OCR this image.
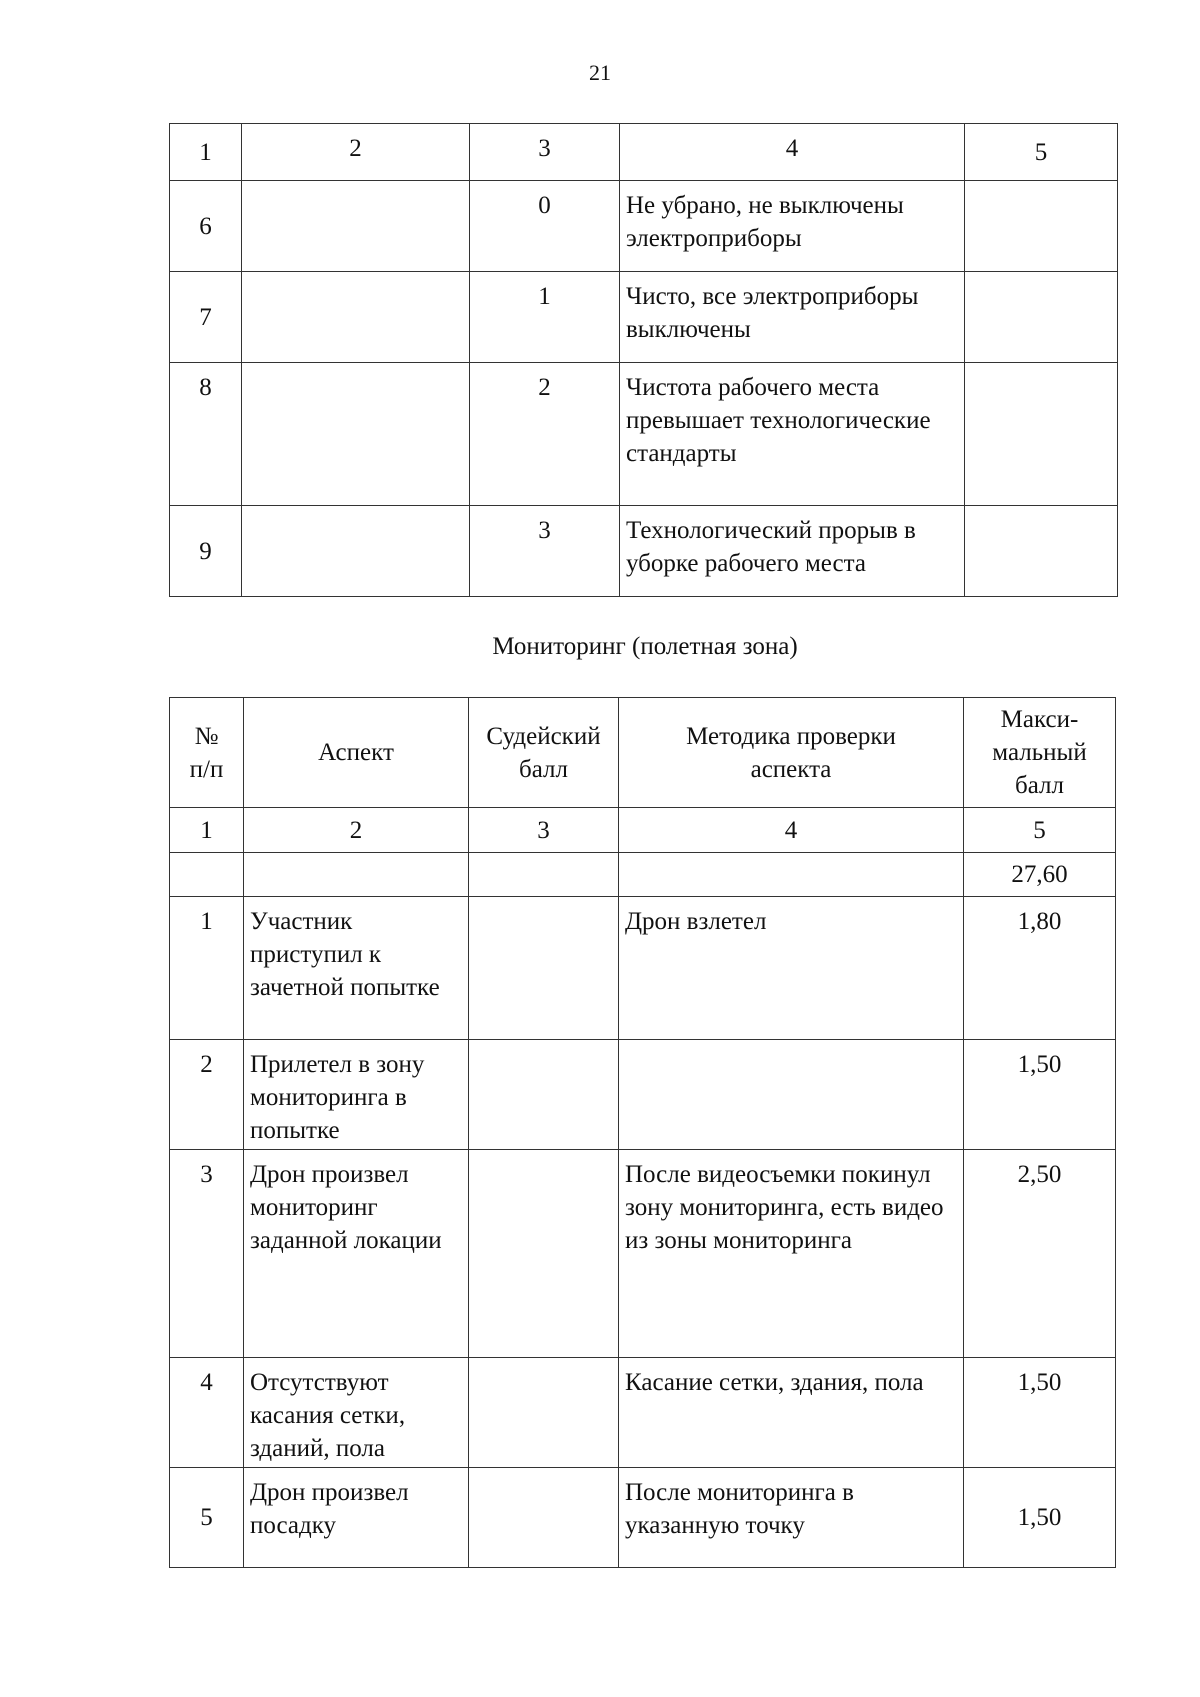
21
1	2	3	4	5
6		0	Не убрано, не выключены электроприборы	
7		1	Чисто, все электроприборы выключены	
8		2	Чистота рабочего места превышает технологические стандарты	
9		3	Технологический прорыв в уборке рабочего места	
Мониторинг (полетная зона)
№ п/п	Аспект	Судейский балл	Методика проверки аспекта	Макси-мальный балл
1	2	3	4	5
				27,60
1	Участник приступил к зачетной попытке		Дрон взлетел	1,80
2	Прилетел в зону мониторинга в попытке			1,50
3	Дрон произвел мониторинг заданной локации		После видеосъемки покинул зону мониторинга, есть видео из зоны мониторинга	2,50
4	Отсутствуют касания сетки, зданий, пола		Касание сетки, здания, пола	1,50
5	Дрон произвел посадку		После мониторинга в указанную точку	1,50
